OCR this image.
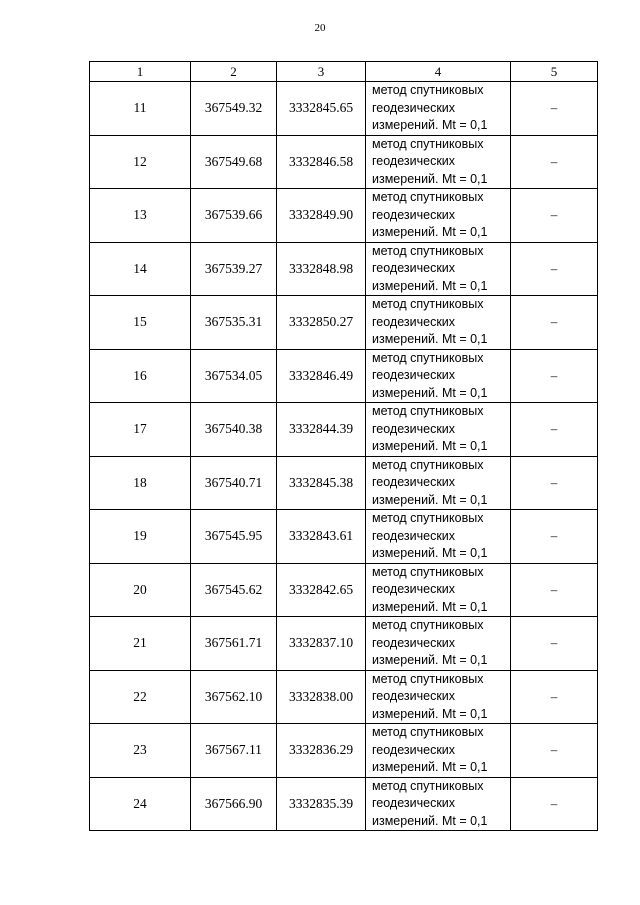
20
1	2	3	4	5
11	367549.32	3332845.65	метод спутниковых
геодезических
измерений. Mt = 0,1	–
12	367549.68	3332846.58	метод спутниковых
геодезических
измерений. Mt = 0,1	–
13	367539.66	3332849.90	метод спутниковых
геодезических
измерений. Mt = 0,1	–
14	367539.27	3332848.98	метод спутниковых
геодезических
измерений. Mt = 0,1	–
15	367535.31	3332850.27	метод спутниковых
геодезических
измерений. Mt = 0,1	–
16	367534.05	3332846.49	метод спутниковых
геодезических
измерений. Mt = 0,1	–
17	367540.38	3332844.39	метод спутниковых
геодезических
измерений. Mt = 0,1	–
18	367540.71	3332845.38	метод спутниковых
геодезических
измерений. Mt = 0,1	–
19	367545.95	3332843.61	метод спутниковых
геодезических
измерений. Mt = 0,1	–
20	367545.62	3332842.65	метод спутниковых
геодезических
измерений. Mt = 0,1	–
21	367561.71	3332837.10	метод спутниковых
геодезических
измерений. Mt = 0,1	–
22	367562.10	3332838.00	метод спутниковых
геодезических
измерений. Mt = 0,1	–
23	367567.11	3332836.29	метод спутниковых
геодезических
измерений. Mt = 0,1	–
24	367566.90	3332835.39	метод спутниковых
геодезических
измерений. Mt = 0,1	–
